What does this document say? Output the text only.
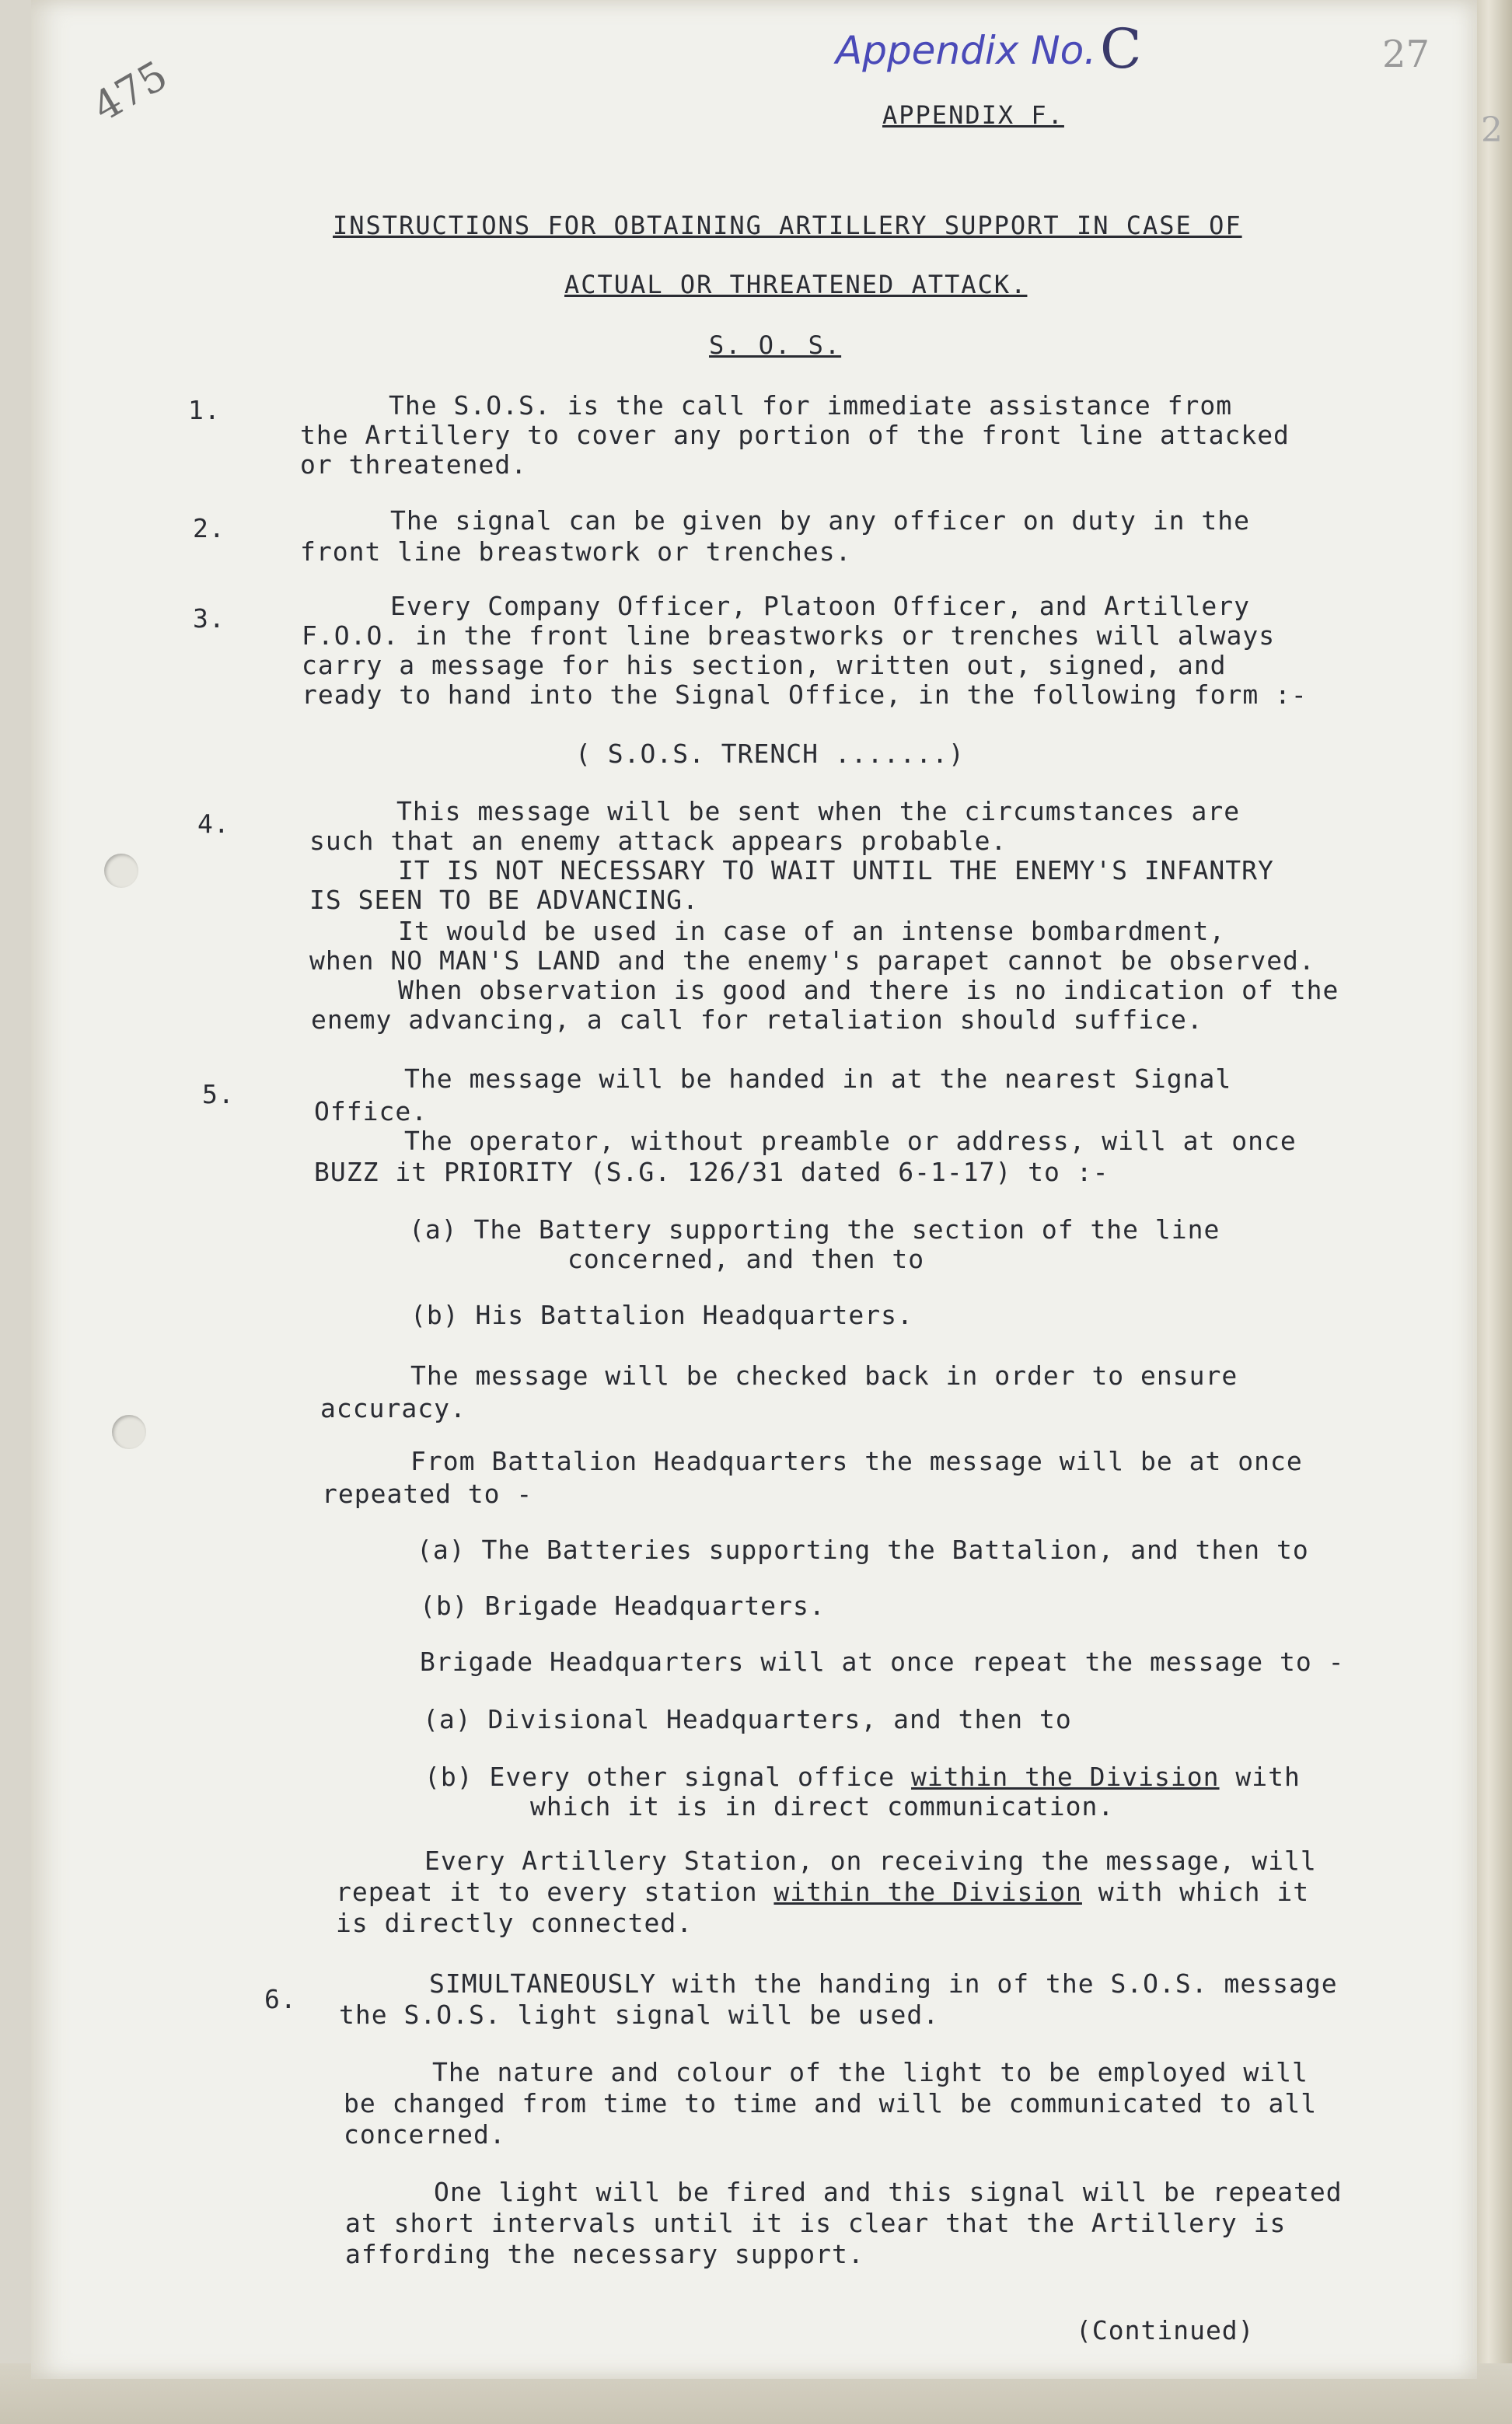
Appendix No. C
475	27
2
APPENDIX F.
INSTRUCTIONS FOR OBTAINING ARTILLERY SUPPORT IN CASE OF
ACTUAL OR THREATENED ATTACK.
S. O. S.
1.	The S.O.S. is the call for immediate assistance from
the Artillery to cover any portion of the front line attacked
or threatened.
2.	The signal can be given by any officer on duty in the
front line breastwork or trenches.
3.	Every Company Officer, Platoon Officer, and Artillery
F.O.O. in the front line breastworks or trenches will always
carry a message for his section, written out, signed, and
ready to hand into the Signal Office, in the following form :-
( S.O.S. TRENCH .......)
4.	This message will be sent when the circumstances are
such that an enemy attack appears probable.
IT IS NOT NECESSARY TO WAIT UNTIL THE ENEMY'S INFANTRY
IS SEEN TO BE ADVANCING.
It would be used in case of an intense bombardment,
when NO MAN'S LAND and the enemy's parapet cannot be observed.
When observation is good and there is no indication of the
enemy advancing, a call for retaliation should suffice.
5.
The message will be handed in at the nearest Signal
Office.
The operator, without preamble or address, will at once
BUZZ it PRIORITY (S.G. 126/31 dated 6-1-17) to :-
(a) The Battery supporting the section of the line
concerned, and then to
(b) His Battalion Headquarters.
The message will be checked back in order to ensure
accuracy.
From Battalion Headquarters the message will be at once
repeated to -
(a) The Batteries supporting the Battalion, and then to
(b) Brigade Headquarters.
Brigade Headquarters will at once repeat the message to -
(a) Divisional Headquarters, and then to
(b) Every other signal office within the Division with
which it is in direct communication.
Every Artillery Station, on receiving the message, will
repeat it to every station within the Division with which it
is directly connected.
6.
SIMULTANEOUSLY with the handing in of the S.O.S. message
the S.O.S. light signal will be used.
The nature and colour of the light to be employed will
be changed from time to time and will be communicated to all
concerned.
One light will be fired and this signal will be repeated
at short intervals until it is clear that the Artillery is
affording the necessary support.
(Continued)
